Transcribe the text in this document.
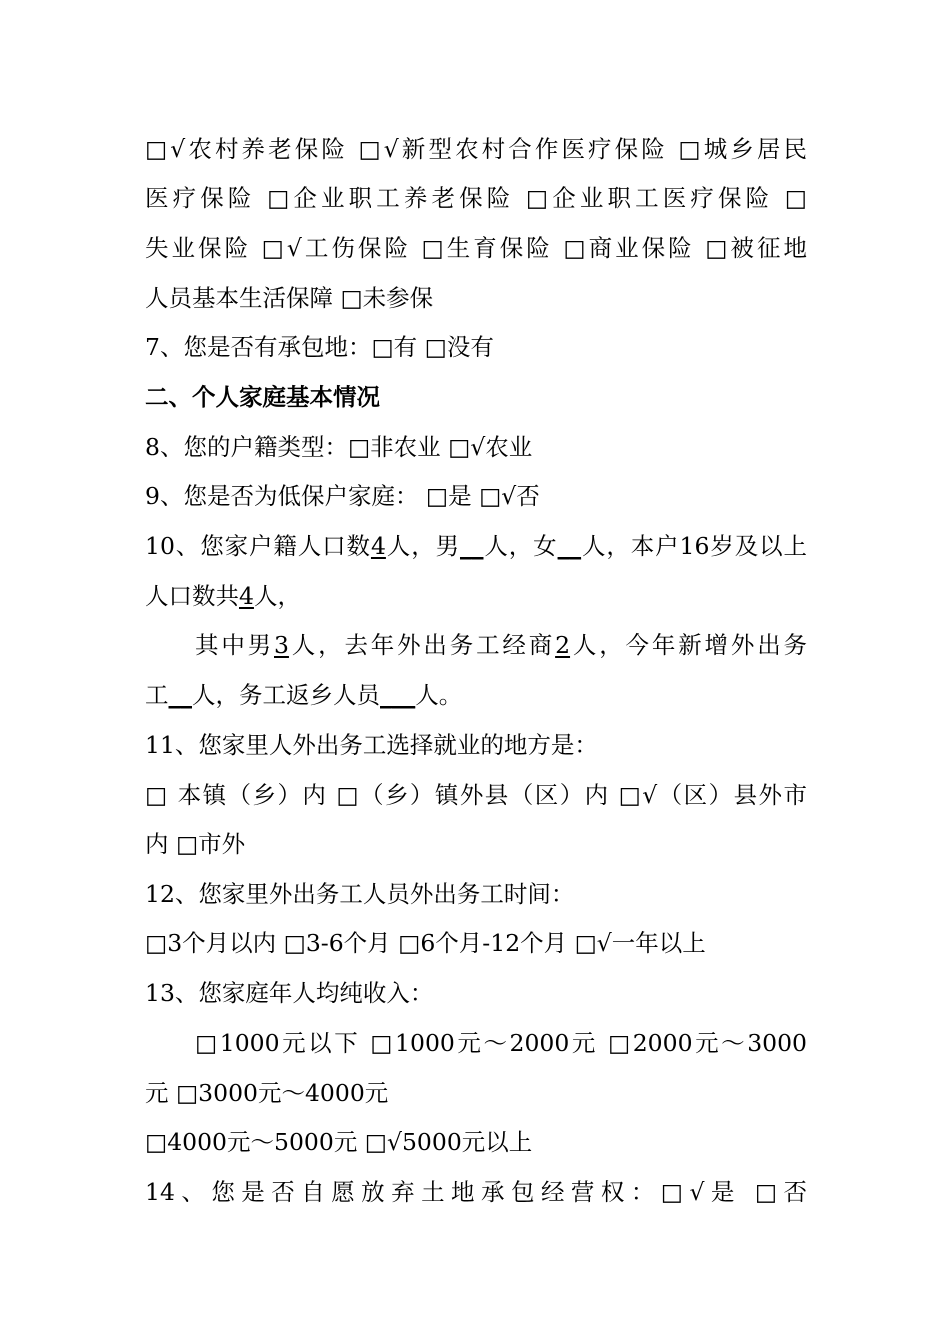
□√农村养老保险 □√新型农村合作医疗保险 □城乡居民
医疗保险 □企业职工养老保险 □企业职工医疗保险 □
失业保险 □√工伤保险 □生育保险 □商业保险 □被征地
人员基本生活保障 □未参保
7、您是否有承包地：□有 □没有
二、个人家庭基本情况
8、您的户籍类型：□非农业 □√农业
9、您是否为低保户家庭： □是 □√否
10、您家户籍人口数4人，男__人，女__人，本户16岁及以上
人口数共4人，
其中男3人，去年外出务工经商2人，今年新增外出务
工__人，务工返乡人员___人。
11、您家里人外出务工选择就业的地方是：
□ 本镇（乡）内 □（乡）镇外县（区）内 □√（区）县外市
内 □市外
12、您家里外出务工人员外出务工时间：
□3个月以内 □3-6个月 □6个月-12个月 □√一年以上
13、您家庭年人均纯收入：
□1000元以下 □1000元～2000元 □2000元～3000
元 □3000元～4000元
□4000元～5000元 □√5000元以上
14、您是否自愿放弃土地承包经营权：□√是 □否
